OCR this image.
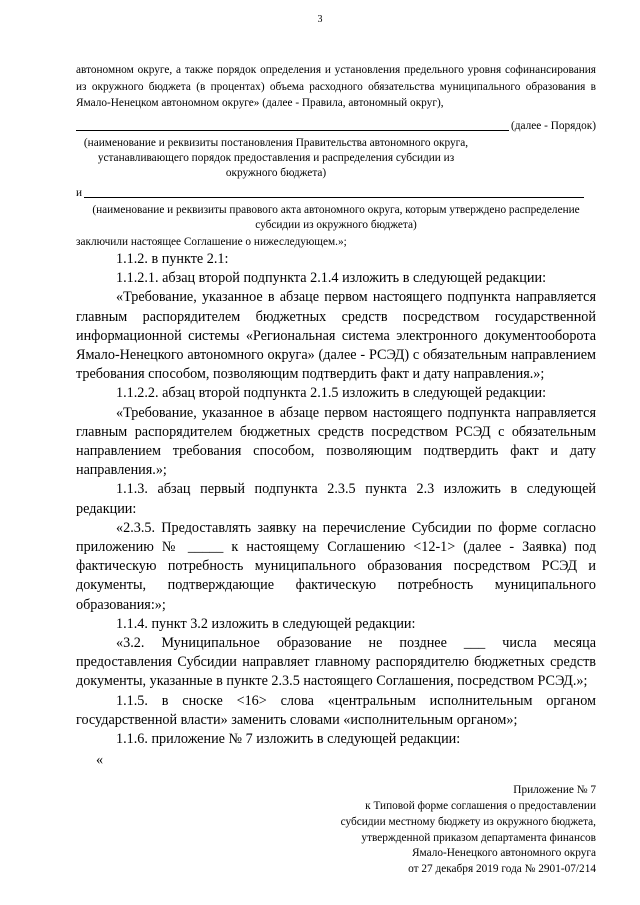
3
автономном округе, а также порядок определения и установления предельного уровня софинансирования из окружного бюджета (в процентах) объема расходного обязательства муниципального образования в Ямало-Ненецком автономном округе» (далее - Правила, автономный округ),
(далее - Порядок)
(наименование и реквизиты постановления Правительства автономного округа, устанавливающего порядок предоставления и распределения субсидии из окружного бюджета)
и
(наименование и реквизиты правового акта автономного округа, которым утверждено распределение субсидии из окружного бюджета)
заключили настоящее Соглашение о нижеследующем.»;

1.1.2. в пункте 2.1:

1.1.2.1. абзац второй подпункта 2.1.4 изложить в следующей редакции:

«Требование, указанное в абзаце первом настоящего подпункта направляется главным распорядителем бюджетных средств посредством государственной информационной системы «Региональная система электронного документооборота Ямало-Ненецкого автономного округа» (далее - РСЭД) с обязательным направлением требования способом, позволяющим подтвердить факт и дату направления.»;

1.1.2.2. абзац второй подпункта 2.1.5 изложить в следующей редакции:

«Требование, указанное в абзаце первом настоящего подпункта направляется главным распорядителем бюджетных средств посредством РСЭД с обязательным направлением требования способом, позволяющим подтвердить факт и дату направления.»;

1.1.3. абзац первый подпункта 2.3.5 пункта 2.3 изложить в следующей редакции:

«2.3.5. Предоставлять заявку на перечисление Субсидии по форме согласно приложению № _____ к настоящему Соглашению <12-1> (далее - Заявка) под фактическую потребность муниципального образования посредством РСЭД и документы, подтверждающие фактическую потребность муниципального образования:»;

1.1.4. пункт 3.2 изложить в следующей редакции:

«3.2. Муниципальное образование не позднее ___ числа месяца предоставления Субсидии направляет главному распорядителю бюджетных средств документы, указанные в пункте 2.3.5 настоящего Соглашения, посредством РСЭД.»;

1.1.5. в сноске <16> слова «центральным исполнительным органом государственной власти» заменить словами «исполнительным органом»;

1.1.6. приложение № 7 изложить в следующей редакции:

«
Приложение № 7
к Типовой форме соглашения о предоставлении
субсидии местному бюджету из окружного бюджета,
утвержденной приказом департамента финансов
Ямало-Ненецкого автономного округа
от 27 декабря 2019 года № 2901-07/214
